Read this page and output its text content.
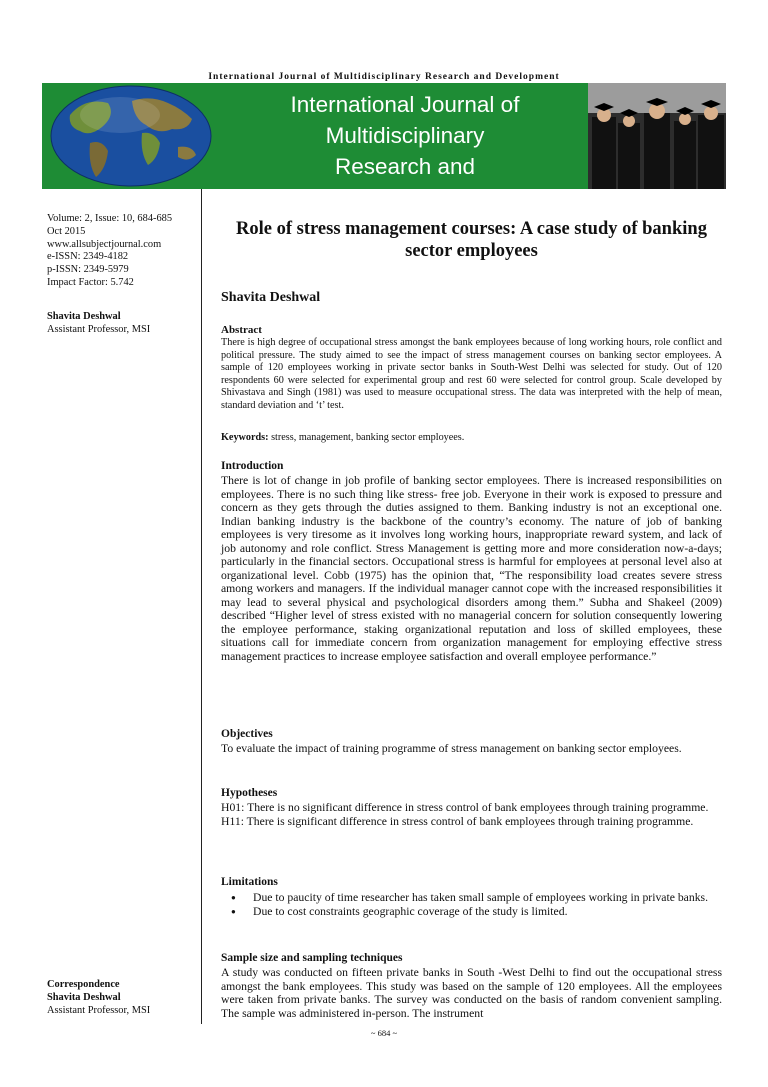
International Journal of Multidisciplinary Research and Development
International Journal of
Multidisciplinary
Research and Development
Volume: 2, Issue: 10, 684-685
Oct 2015
www.allsubjectjournal.com
e-ISSN: 2349-4182
p-ISSN: 2349-5979
Impact Factor: 5.742
Shavita Deshwal
Assistant Professor, MSI
Correspondence
Shavita Deshwal
Assistant Professor, MSI
Role of stress management courses: A case study of banking sector employees
Shavita Deshwal
Abstract
There is high degree of occupational stress amongst the bank employees because of long working hours, role conflict and political pressure. The study aimed to see the impact of stress management courses on banking sector employees. A sample of 120 employees working in private sector banks in South-West Delhi was selected for study. Out of 120 respondents 60 were selected for experimental group and rest 60 were selected for control group. Scale developed by Shivastava and Singh (1981) was used to measure occupational stress. The data was interpreted with the help of mean, standard deviation and ‘t’ test.
Keywords: stress, management, banking sector employees.
Introduction
There is lot of change in job profile of banking sector employees. There is increased responsibilities on employees. There is no such thing like stress- free job. Everyone in their work is exposed to pressure and concern as they gets through the duties assigned to them. Banking industry is not an exceptional one. Indian banking industry is the backbone of the country’s economy. The nature of job of banking employees is very tiresome as it involves long working hours, inappropriate reward system, and lack of job autonomy and role conflict. Stress Management is getting more and more consideration now-a-days; particularly in the financial sectors. Occupational stress is harmful for employees at personal level also at organizational level. Cobb (1975) has the opinion that, “The responsibility load creates severe stress among workers and managers. If the individual manager cannot cope with the increased responsibilities it may lead to several physical and psychological disorders among them.” Subha and Shakeel (2009) described “Higher level of stress existed with no managerial concern for solution consequently lowering the employee performance, staking organizational reputation and loss of skilled employees, these situations call for immediate concern from organization management for employing effective stress management practices to increase employee satisfaction and overall employee performance.”
Objectives
To evaluate the impact of training programme of stress management on banking sector employees.
Hypotheses
H01: There is no significant difference in stress control of bank employees through training programme.
H11: There is significant difference in stress control of bank employees through training programme.
Limitations
● Due to paucity of time researcher has taken small sample of employees working in private banks.
● Due to cost constraints geographic coverage of the study is limited.
Sample size and sampling techniques
A study was conducted on fifteen private banks in South -West Delhi to find out the occupational stress amongst the bank employees. This study was based on the sample of 120 employees. All the employees were taken from private banks. The survey was conducted on the basis of random convenient sampling. The sample was administered in-person. The instrument
~ 684 ~
